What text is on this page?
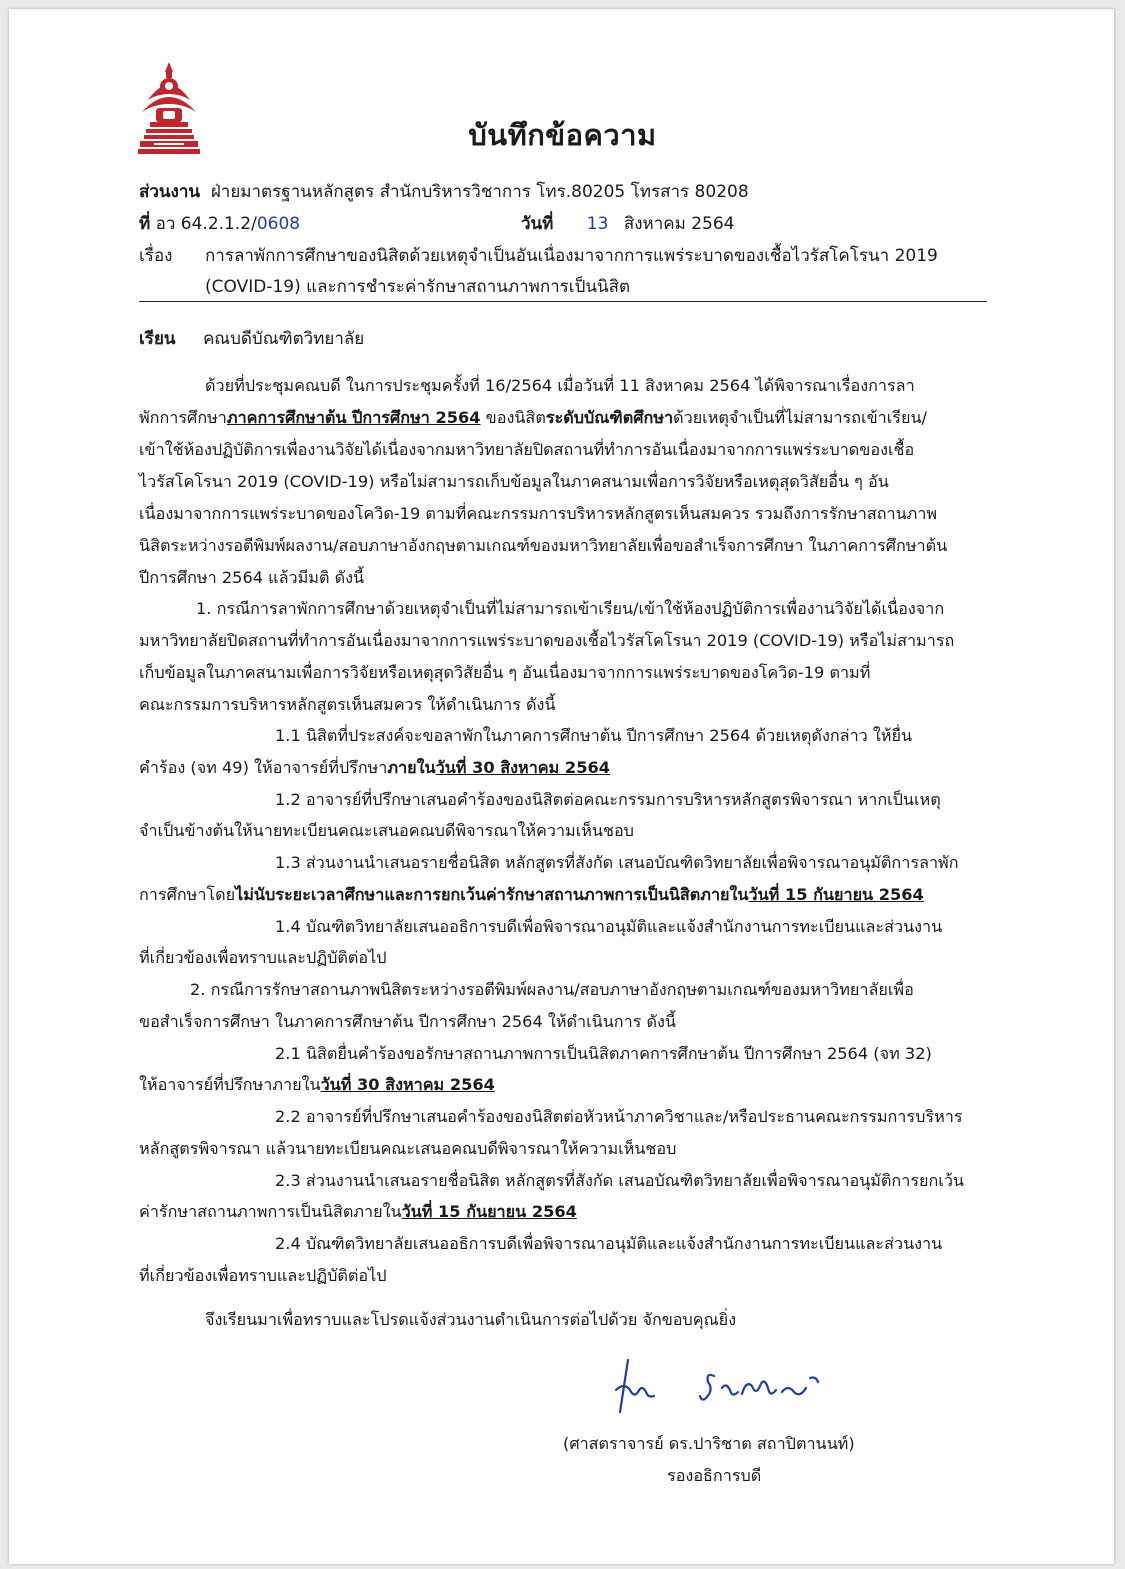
บันทึกข้อความ
ส่วนงาน ฝ่ายมาตรฐานหลักสูตร สำนักบริหารวิชาการ โทร.80205 โทรสาร 80208
ที่ อว 64.2.1.2/0608	วันที่ 13 สิงหาคม 2564
เรื่อง การลาพักการศึกษาของนิสิตด้วยเหตุจำเป็นอันเนื่องมาจากการแพร่ระบาดของเชื้อไวรัสโคโรนา 2019
(COVID-19) และการชำระค่ารักษาสถานภาพการเป็นนิสิต
เรียน คณบดีบัณฑิตวิทยาลัย
ด้วยที่ประชุมคณบดี ในการประชุมครั้งที่ 16/2564 เมื่อวันที่ 11 สิงหาคม 2564 ได้พิจารณาเรื่องการลา
พักการศึกษาภาคการศึกษาต้น ปีการศึกษา 2564 ของนิสิตระดับบัณฑิตศึกษาด้วยเหตุจำเป็นที่ไม่สามารถเข้าเรียน/
เข้าใช้ห้องปฏิบัติการเพื่องานวิจัยได้เนื่องจากมหาวิทยาลัยปิดสถานที่ทำการอันเนื่องมาจากการแพร่ระบาดของเชื้อ
ไวรัสโคโรนา 2019 (COVID-19) หรือไม่สามารถเก็บข้อมูลในภาคสนามเพื่อการวิจัยหรือเหตุสุดวิสัยอื่น ๆ อัน
เนื่องมาจากการแพร่ระบาดของโควิด-19 ตามที่คณะกรรมการบริหารหลักสูตรเห็นสมควร รวมถึงการรักษาสถานภาพ
นิสิตระหว่างรอตีพิมพ์ผลงาน/สอบภาษาอังกฤษตามเกณฑ์ของมหาวิทยาลัยเพื่อขอสำเร็จการศึกษา ในภาคการศึกษาต้น
ปีการศึกษา 2564 แล้วมีมติ ดังนี้
1. กรณีการลาพักการศึกษาด้วยเหตุจำเป็นที่ไม่สามารถเข้าเรียน/เข้าใช้ห้องปฏิบัติการเพื่องานวิจัยได้เนื่องจาก
มหาวิทยาลัยปิดสถานที่ทำการอันเนื่องมาจากการแพร่ระบาดของเชื้อไวรัสโคโรนา 2019 (COVID-19) หรือไม่สามารถ
เก็บข้อมูลในภาคสนามเพื่อการวิจัยหรือเหตุสุดวิสัยอื่น ๆ อันเนื่องมาจากการแพร่ระบาดของโควิด-19 ตามที่
คณะกรรมการบริหารหลักสูตรเห็นสมควร ให้ดำเนินการ ดังนี้
1.1 นิสิตที่ประสงค์จะขอลาพักในภาคการศึกษาต้น ปีการศึกษา 2564 ด้วยเหตุดังกล่าว ให้ยื่น
คำร้อง (จท 49) ให้อาจารย์ที่ปรึกษาภายในวันที่ 30 สิงหาคม 2564
1.2 อาจารย์ที่ปรึกษาเสนอคำร้องของนิสิตต่อคณะกรรมการบริหารหลักสูตรพิจารณา หากเป็นเหตุ
จำเป็นข้างต้นให้นายทะเบียนคณะเสนอคณบดีพิจารณาให้ความเห็นชอบ
1.3 ส่วนงานนำเสนอรายชื่อนิสิต หลักสูตรที่สังกัด เสนอบัณฑิตวิทยาลัยเพื่อพิจารณาอนุมัติการลาพัก
การศึกษาโดยไม่นับระยะเวลาศึกษาและการยกเว้นค่ารักษาสถานภาพการเป็นนิสิตภายในวันที่ 15 กันยายน 2564
1.4 บัณฑิตวิทยาลัยเสนออธิการบดีเพื่อพิจารณาอนุมัติและแจ้งสำนักงานการทะเบียนและส่วนงาน
ที่เกี่ยวข้องเพื่อทราบและปฏิบัติต่อไป
2. กรณีการรักษาสถานภาพนิสิตระหว่างรอตีพิมพ์ผลงาน/สอบภาษาอังกฤษตามเกณฑ์ของมหาวิทยาลัยเพื่อ
ขอสำเร็จการศึกษา ในภาคการศึกษาต้น ปีการศึกษา 2564 ให้ดำเนินการ ดังนี้
2.1 นิสิตยื่นคำร้องขอรักษาสถานภาพการเป็นนิสิตภาคการศึกษาต้น ปีการศึกษา 2564 (จท 32)
ให้อาจารย์ที่ปรึกษาภายในวันที่ 30 สิงหาคม 2564
2.2 อาจารย์ที่ปรึกษาเสนอคำร้องของนิสิตต่อหัวหน้าภาควิชาและ/หรือประธานคณะกรรมการบริหาร
หลักสูตรพิจารณา แล้วนายทะเบียนคณะเสนอคณบดีพิจารณาให้ความเห็นชอบ
2.3 ส่วนงานนำเสนอรายชื่อนิสิต หลักสูตรที่สังกัด เสนอบัณฑิตวิทยาลัยเพื่อพิจารณาอนุมัติการยกเว้น
ค่ารักษาสถานภาพการเป็นนิสิตภายในวันที่ 15 กันยายน 2564
2.4 บัณฑิตวิทยาลัยเสนออธิการบดีเพื่อพิจารณาอนุมัติและแจ้งสำนักงานการทะเบียนและส่วนงาน
ที่เกี่ยวข้องเพื่อทราบและปฏิบัติต่อไป
จึงเรียนมาเพื่อทราบและโปรดแจ้งส่วนงานดำเนินการต่อไปด้วย จักขอบคุณยิ่ง
(ศาสตราจารย์ ดร.ปาริชาต สถาปิตานนท์)
รองอธิการบดี
